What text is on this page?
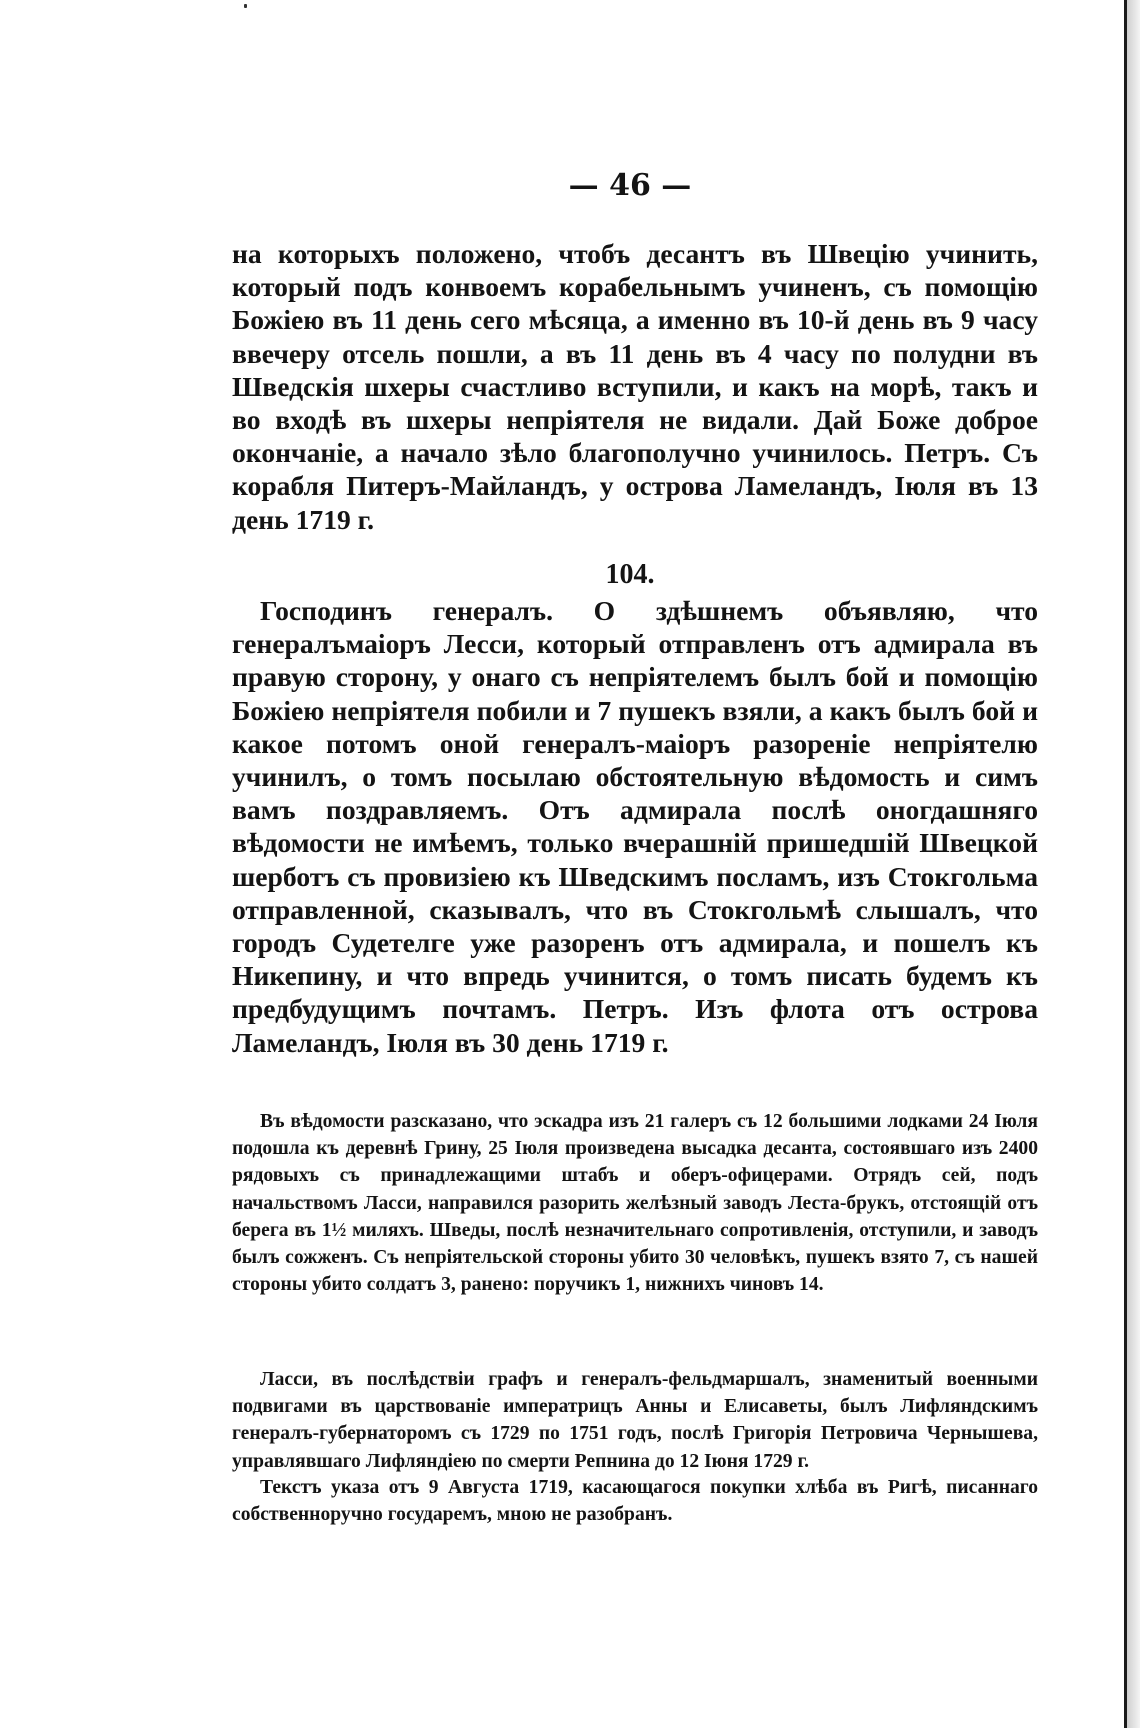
— 46 —

на которыхъ положено, чтобъ десантъ въ Швецію учинить, который подъ конвоемъ корабельнымъ учиненъ, съ помощію Божіею въ 11 день сего мѣсяца, а именно въ 10-й день въ 9 часу ввечеру отсель пошли, а въ 11 день въ 4 часу по полудни въ Шведскія шхеры счастливо вступили, и какъ на морѣ, такъ и во входѣ въ шхеры непріятеля не видали. Дай Боже доброе окончаніе, а начало зѣло благополучно учинилось. Петръ. Съ корабля Питеръ-Майландъ, у острова Ламеландъ, Іюля въ 13 день 1719 г.

104.

Господинъ генералъ. О здѣшнемъ объявляю, что генералъмаіоръ Лесси, который отправленъ отъ адмирала въ правую сторону, у онаго съ непріятелемъ былъ бой и помощію Божіею непріятеля побили и 7 пушекъ взяли, а какъ былъ бой и какое потомъ оной генералъ-маіоръ разореніе непріятелю учинилъ, о томъ посылаю обстоятельную вѣдомость и симъ вамъ поздравляемъ. Отъ адмирала послѣ оногдашняго вѣдомости не имѣемъ, только вчерашній пришедшій Швецкой шерботъ съ провизіею къ Шведскимъ посламъ, изъ Стокгольма отправленной, сказывалъ, что въ Стокгольмѣ слышалъ, что городъ Судетелге уже разоренъ отъ адмирала, и пошелъ къ Никепину, и что впредь учинится, о томъ писать будемъ къ предбудущимъ почтамъ. Петръ. Изъ флота отъ острова Ламеландъ, Іюля въ 30 день 1719 г.

Въ вѣдомости разсказано, что эскадра изъ 21 галеръ съ 12 большими лодками 24 Іюля подошла къ деревнѣ Грину, 25 Іюля произведена высадка десанта, состоявшаго изъ 2400 рядовыхъ съ принадлежащими штабъ и оберъ-офицерами. Отрядъ сей, подъ начальствомъ Ласси, направился разорить желѣзный заводъ Леста-брукъ, отстоящій отъ берега въ 1½ миляхъ. Шведы, послѣ незначительнаго сопротивленія, отступили, и заводъ былъ сожженъ. Съ непріятельской стороны убито 30 человѣкъ, пушекъ взято 7, съ нашей стороны убито солдатъ 3, ранено: поручикъ 1, нижнихъ чиновъ 14.

Ласси, въ послѣдствіи графъ и генералъ-фельдмаршалъ, знаменитый военными подвигами въ царствованіе императрицъ Анны и Елисаветы, былъ Лифляндскимъ генералъ-губернаторомъ съ 1729 по 1751 годъ, послѣ Григорія Петровича Чернышева, управлявшаго Лифляндіею по смерти Репнина до 12 Іюня 1729 г.

Текстъ указа отъ 9 Августа 1719, касающагося покупки хлѣба въ Ригѣ, писаннаго собственноручно государемъ, мною не разобранъ.
